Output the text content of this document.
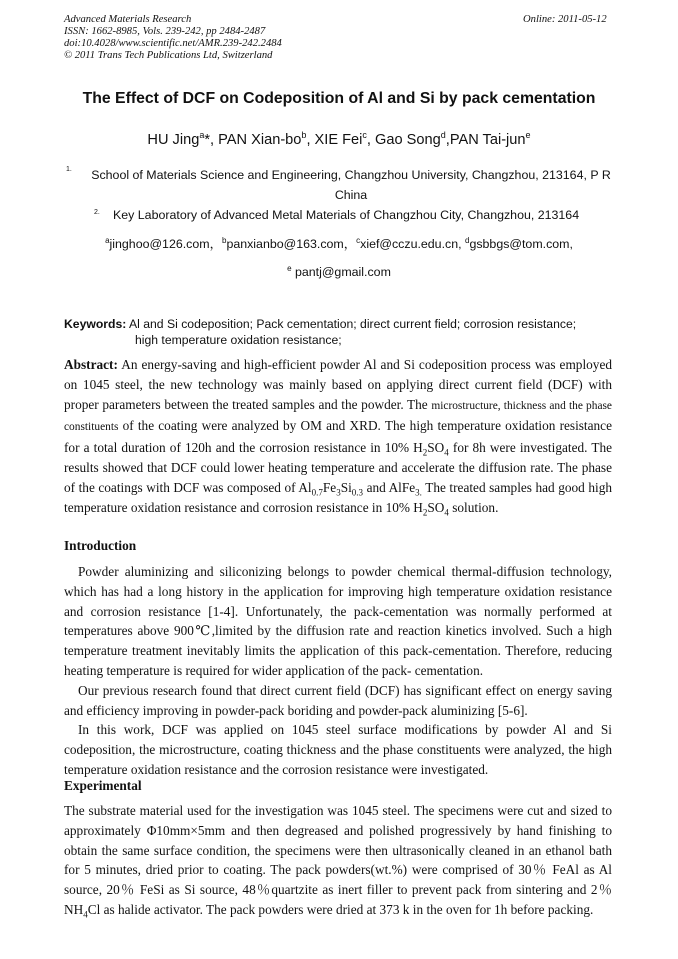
Advanced Materials Research
ISSN: 1662-8985, Vols. 239-242, pp 2484-2487
doi:10.4028/www.scientific.net/AMR.239-242.2484
© 2011 Trans Tech Publications Ltd, Switzerland
Online: 2011-05-12
The Effect of DCF on Codeposition of Al and Si by pack cementation
HU Jing$^a$*, PAN Xian-$bo^b$, XIE Fei$^c$, Gao Song$^d$,PAN Tai-jun$^e$
1.	School of Materials Science and Engineering, Changzhou University, Changzhou, 213164, P R
China
2. Key Laboratory of Advanced Metal Materials of Changzhou City, Changzhou, 213164
$^a$jinghoo@126.com，$^b$panxianbo@163.com，$^c$xief@cczu.edu.cn, $^d$gsbbgs@tom.com,
$^e$ pantj@gmail.com
Keywords: Al and Si codeposition; Pack cementation; direct current field; corrosion resistance;
high temperature oxidation resistance;
Abstract: An energy-saving and high-efficient powder Al and Si codeposition process was employed on 1045 steel, the new technology was mainly based on applying direct current field (DCF) with proper parameters between the treated samples and the powder. The microstructure, thickness and the phase constituents of the coating were analyzed by OM and XRD. The high temperature oxidation resistance for a total duration of 120h and the corrosion resistance in 10% $H_2SO_4$ for 8h were investigated. The results showed that DCF could lower heating temperature and accelerate the diffusion rate. The phase of the coatings with DCF was composed of $Al_{0.7}Fe_3Si_{0.3}$ and AlFe$_{3.}$ The treated samples had good high temperature oxidation resistance and corrosion resistance in 10% $H_2SO_4$ solution.
Introduction
Powder aluminizing and siliconizing belongs to powder chemical thermal-diffusion technology, which has had a long history in the application for improving high temperature oxidation resistance and corrosion resistance [1-4]. Unfortunately, the pack-cementation was normally performed at temperatures above 900℃,limited by the diffusion rate and reaction kinetics involved. Such a high temperature treatment inevitably limits the application of this pack-cementation. Therefore, reducing heating temperature is required for wider application of the pack- cementation.
Our previous research found that direct current field (DCF) has significant effect on energy saving and efficiency improving in powder-pack boriding and powder-pack aluminizing [5-6].
In this work, DCF was applied on 1045 steel surface modifications by powder Al and Si codeposition, the microstructure, coating thickness and the phase constituents were analyzed, the high temperature oxidation resistance and the corrosion resistance were investigated.
Experimental
The substrate material used for the investigation was 1045 steel. The specimens were cut and sized to approximately Φ10mm×5mm and then degreased and polished progressively by hand finishing to obtain the same surface condition, the specimens were then ultrasonically cleaned in an ethanol bath for 5 minutes, dried prior to coating. The pack powders(wt.%) were comprised of 30％ FeAl as Al source, 20％ FeSi as Si source, 48％quartzite as inert filler to prevent pack from sintering and 2％ $NH_4Cl$ as halide activator. The pack powders were dried at 373 k in the oven for 1h before packing.
